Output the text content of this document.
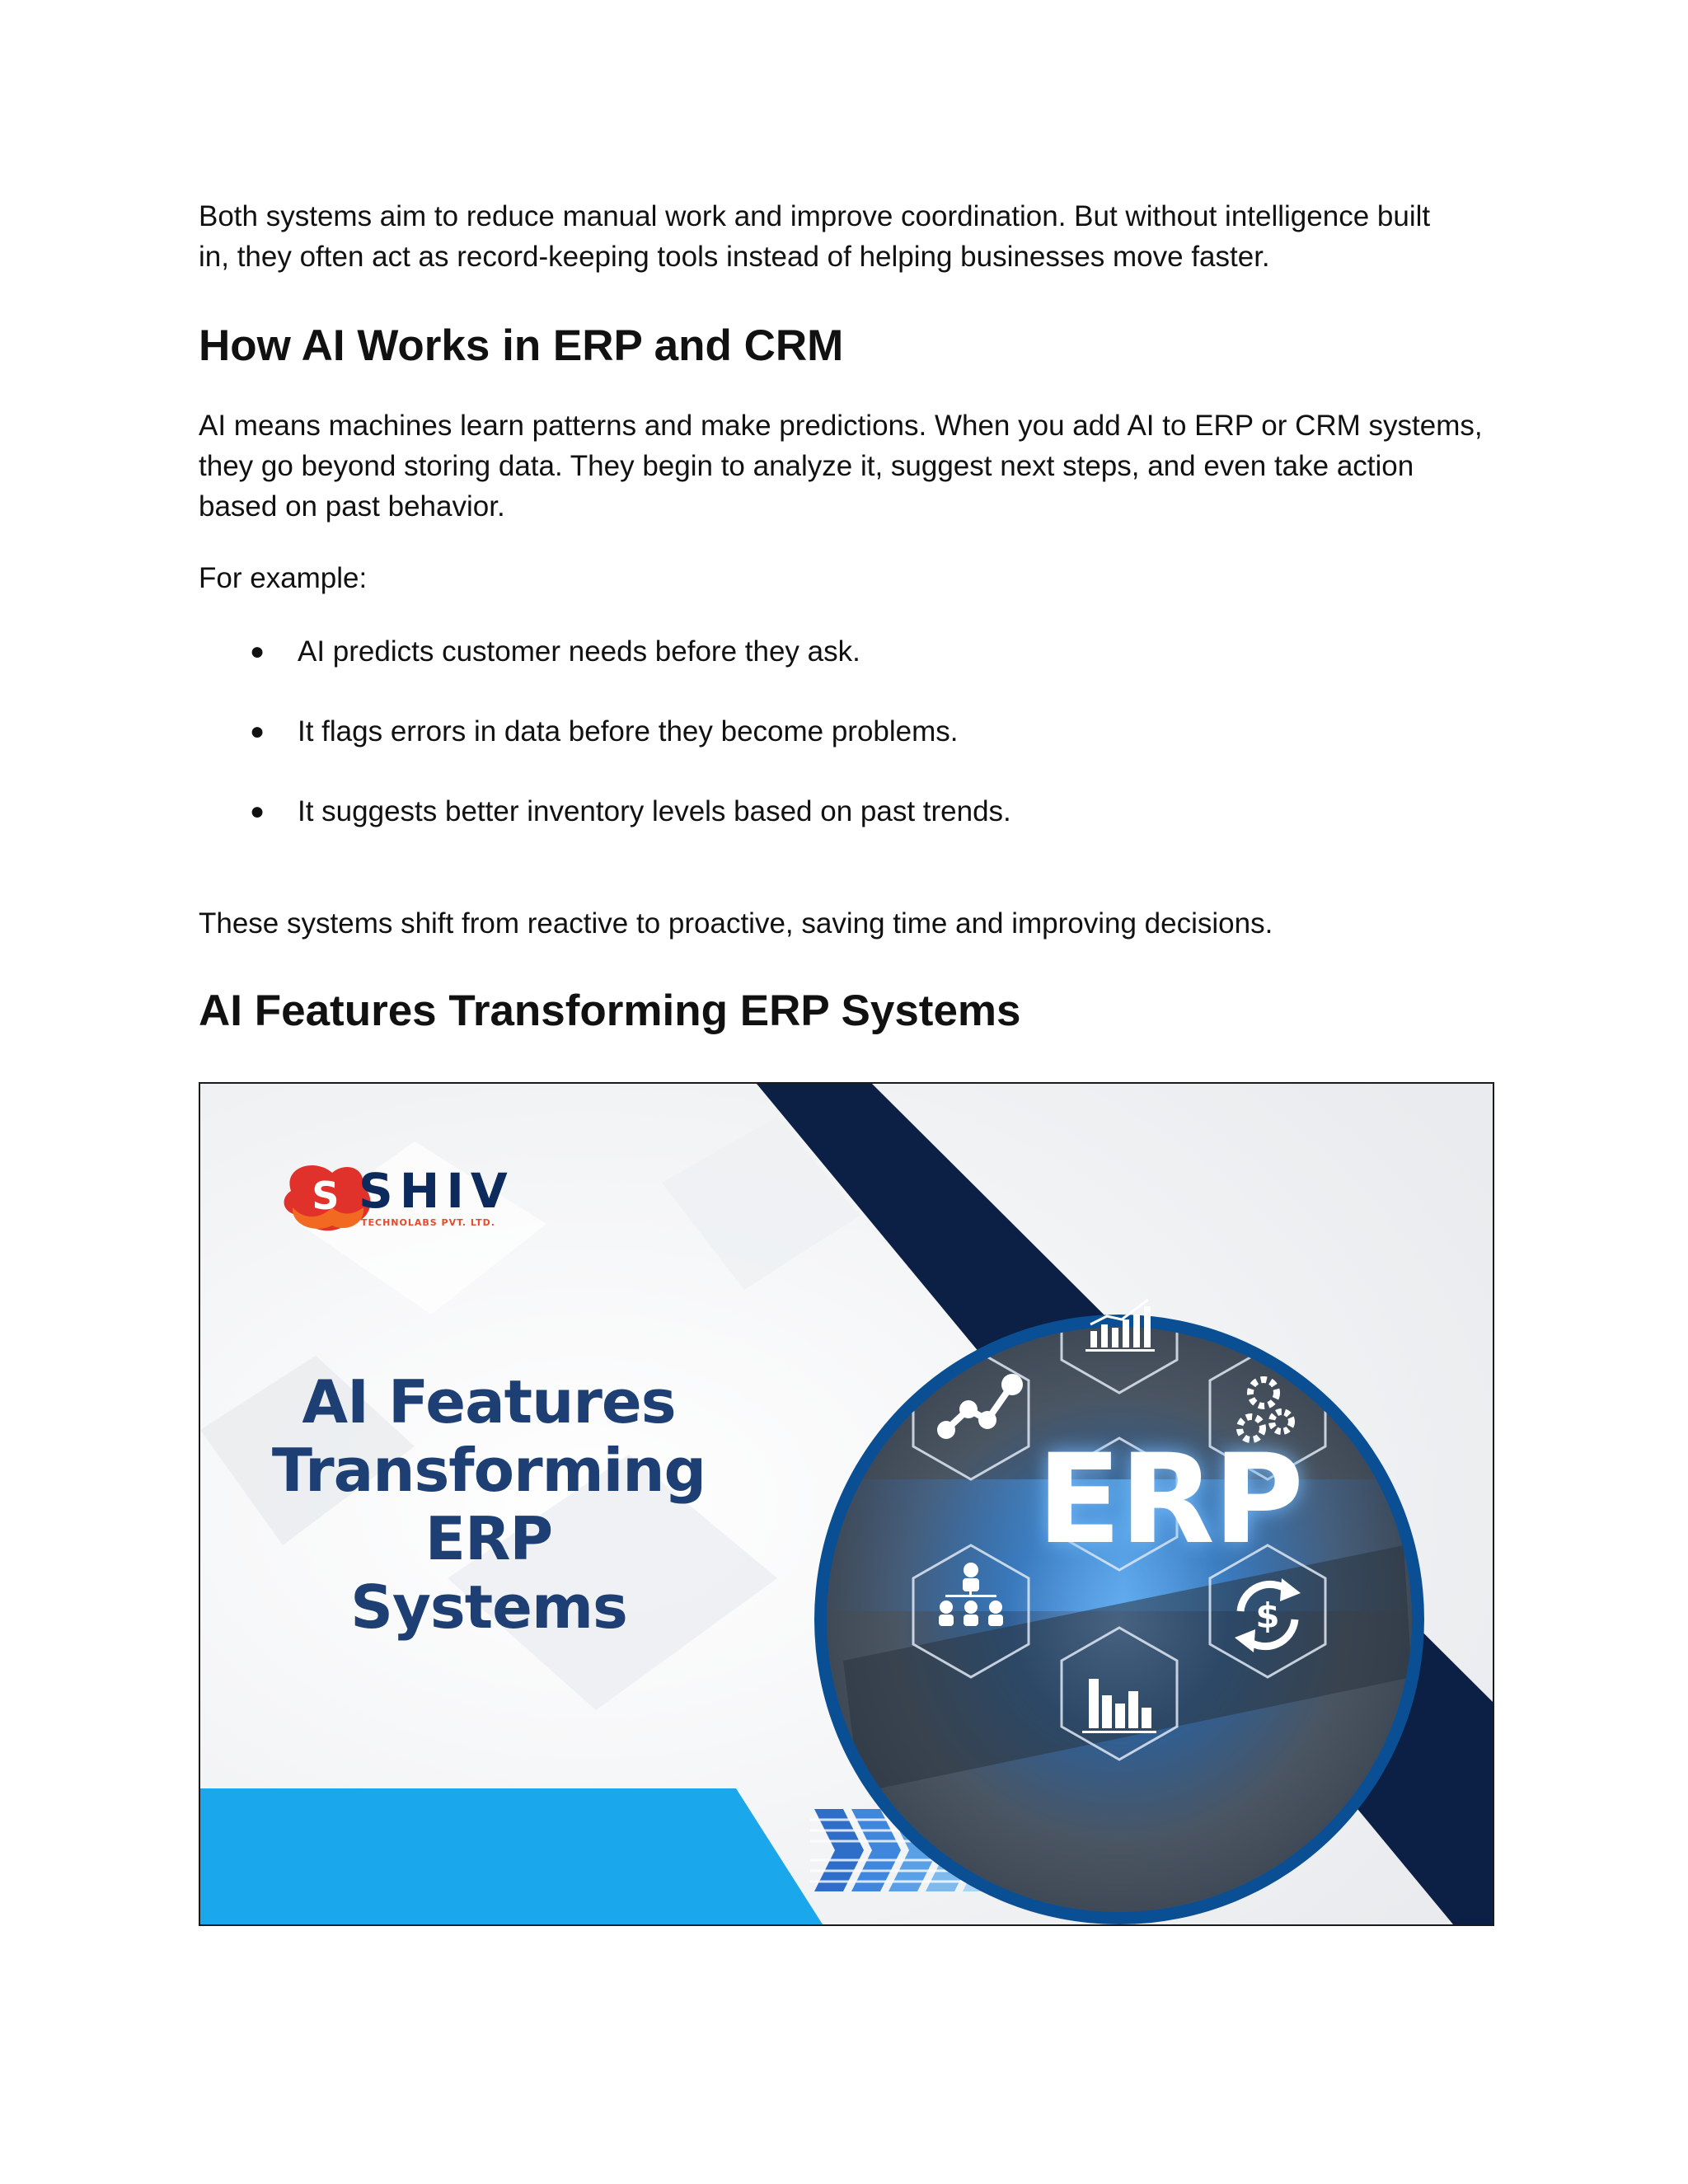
Both systems aim to reduce manual work and improve coordination. But without intelligence built in, they often act as record-keeping tools instead of helping businesses move faster.

How AI Works in ERP and CRM

AI means machines learn patterns and make predictions. When you add AI to ERP or CRM systems, they go beyond storing data. They begin to analyze it, suggest next steps, and even take action based on past behavior.

For example:

● AI predicts customer needs before they ask.
● It flags errors in data before they become problems.
● It suggests better inventory levels based on past trends.

These systems shift from reactive to proactive, saving time and improving decisions.

AI Features Transforming ERP Systems
$
S SHIV
TECHNOLABS PVT. LTD.
AI Features
Transforming ERP
Systems
ERP
